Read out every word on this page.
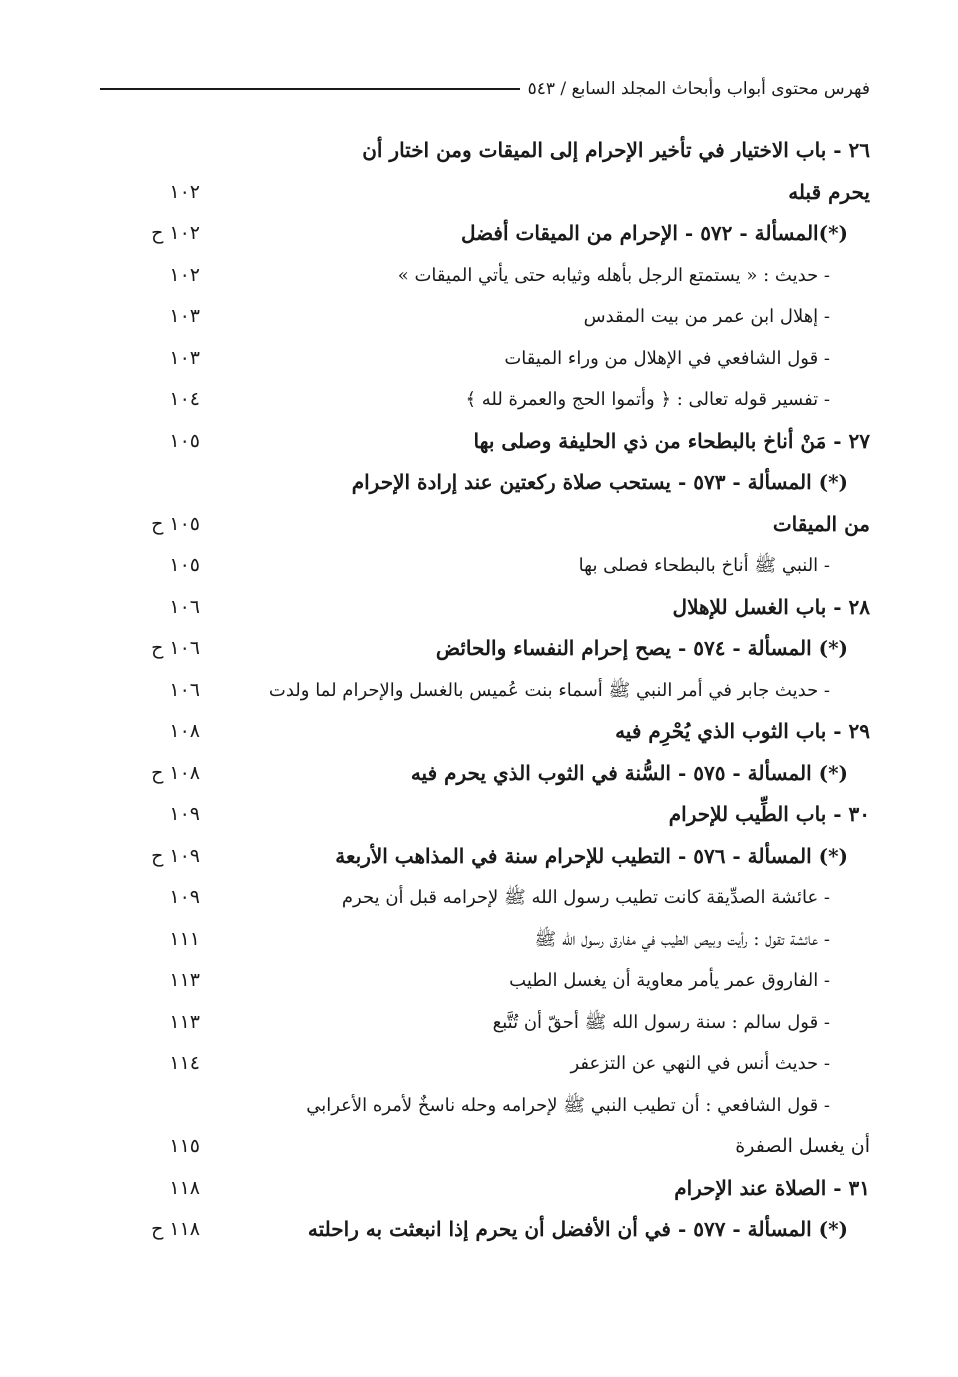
فهرس محتوى أبواب وأبحاث المجلد السابع / ٥٤٣
٢٦ - باب الاختيار في تأخير الإحرام إلى الميقات ومن اختار أن
يحرم قبله
١٠٢
(*)المسألة - ٥٧٢ - الإحرام من الميقات أفضل
١٠٢ ح
- حديث : « يستمتع الرجل بأهله وثيابه حتى يأتي الميقات »
١٠٢
- إهلال ابن عمر من بيت المقدس
١٠٣
- قول الشافعي في الإهلال من وراء الميقات
١٠٣
- تفسير قوله تعالى : ﴿ وأتموا الحج والعمرة لله ﴾
١٠٤
٢٧ - مَنْ أناخ بالبطحاء من ذي الحليفة وصلى بها
١٠٥
(*) المسألة - ٥٧٣ - يستحب صلاة ركعتين عند إرادة الإحرام
من الميقات
١٠٥ ح
- النبي ﷺ أناخ بالبطحاء فصلى بها
١٠٥
٢٨ - باب الغسل للإهلال
١٠٦
(*) المسألة - ٥٧٤ - يصح إحرام النفساء والحائض
١٠٦ ح
- حديث جابر في أمر النبي ﷺ أسماء بنت عُميس بالغسل والإحرام لما ولدت
١٠٦
٢٩ - باب الثوب الذي يُحْرِم فيه
١٠٨
(*) المسألة - ٥٧٥ - السُّنة في الثوب الذي يحرم فيه
١٠٨ ح
٣٠ - باب الطِّيب للإحرام
١٠٩
(*) المسألة - ٥٧٦ - التطيب للإحرام سنة في المذاهب الأربعة
١٠٩ ح
- عائشة الصدِّيقة كانت تطيب رسول الله ﷺ لإحرامه قبل أن يحرم
١٠٩
- عائشة تقول : رأيت وبيص الطيب في مفارق رسول الله ﷺ
١١١
- الفاروق عمر يأمر معاوية أن يغسل الطيب
١١٣
- قول سالم : سنة رسول الله ﷺ أحقّ أن تُتَّبع
١١٣
- حديث أنس في النهي عن التزعفر
١١٤
- قول الشافعي : أن تطيب النبي ﷺ لإحرامه وحله ناسخٌ لأمره الأعرابي
أن يغسل الصفرة
١١٥
٣١ - الصلاة عند الإحرام
١١٨
(*) المسألة - ٥٧٧ - في أن الأفضل أن يحرم إذا انبعثت به راحلته
١١٨ ح
